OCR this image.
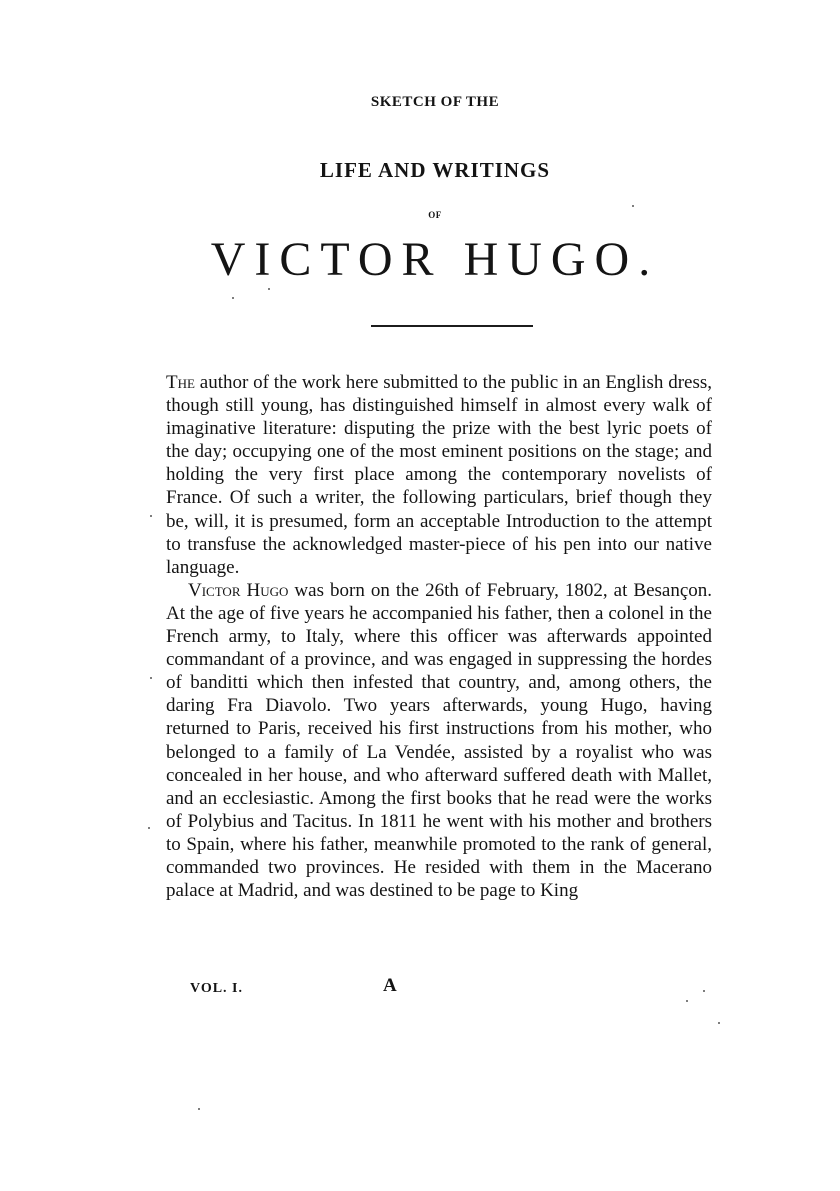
SKETCH OF THE
LIFE AND WRITINGS
OF
VICTOR HUGO.

The author of the work here submitted to the public in an English dress, though still young, has distinguished himself in almost every walk of imaginative literature: disputing the prize with the best lyric poets of the day; occupying one of the most eminent positions on the stage; and holding the very first place among the contemporary novelists of France. Of such a writer, the following particulars, brief though they be, will, it is presumed, form an acceptable Introduction to the attempt to transfuse the acknowledged master-piece of his pen into our native language.

Victor Hugo was born on the 26th of February, 1802, at Besançon. At the age of five years he accompanied his father, then a colonel in the French army, to Italy, where this officer was afterwards appointed commandant of a province, and was engaged in suppressing the hordes of banditti which then infested that country, and, among others, the daring Fra Diavolo. Two years afterwards, young Hugo, having returned to Paris, received his first instructions from his mother, who belonged to a family of La Vendée, assisted by a royalist who was concealed in her house, and who afterward suffered death with Mallet, and an ecclesiastic. Among the first books that he read were the works of Polybius and Tacitus. In 1811 he went with his mother and brothers to Spain, where his father, meanwhile promoted to the rank of general, commanded two provinces. He resided with them in the Macerano palace at Madrid, and was destined to be page to King

VOL. I.	A
